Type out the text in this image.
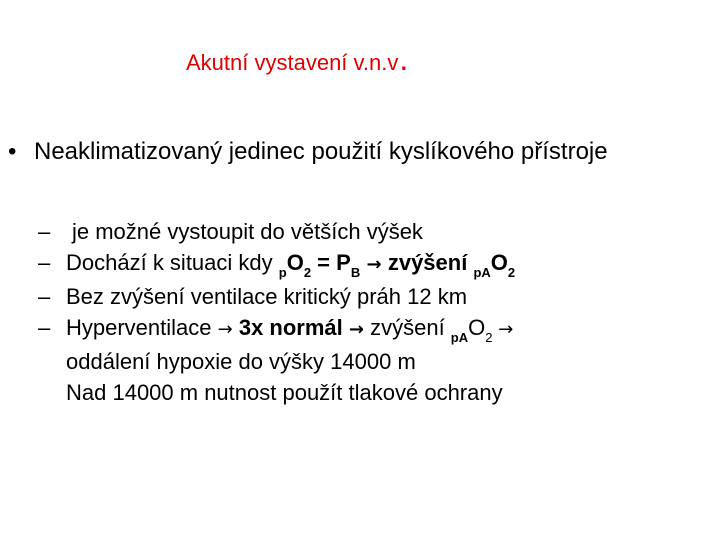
Akutní vystavení v.n.v.
• Neaklimatizovaný jedinec použití kyslíkového přístroje
– je možné vystoupit do větších výšek
– Dochází k situaci kdy $_pO_2 = P_B$ → zvýšení $_{pA}O_2$
– Bez zvýšení ventilace kritický práh 12 km
– Hyperventilace → 3x normál → zvýšení $_{pA}O_2$ →
oddálení hypoxie do výšky 14000 m
Nad 14000 m nutnost použít tlakové ochrany
